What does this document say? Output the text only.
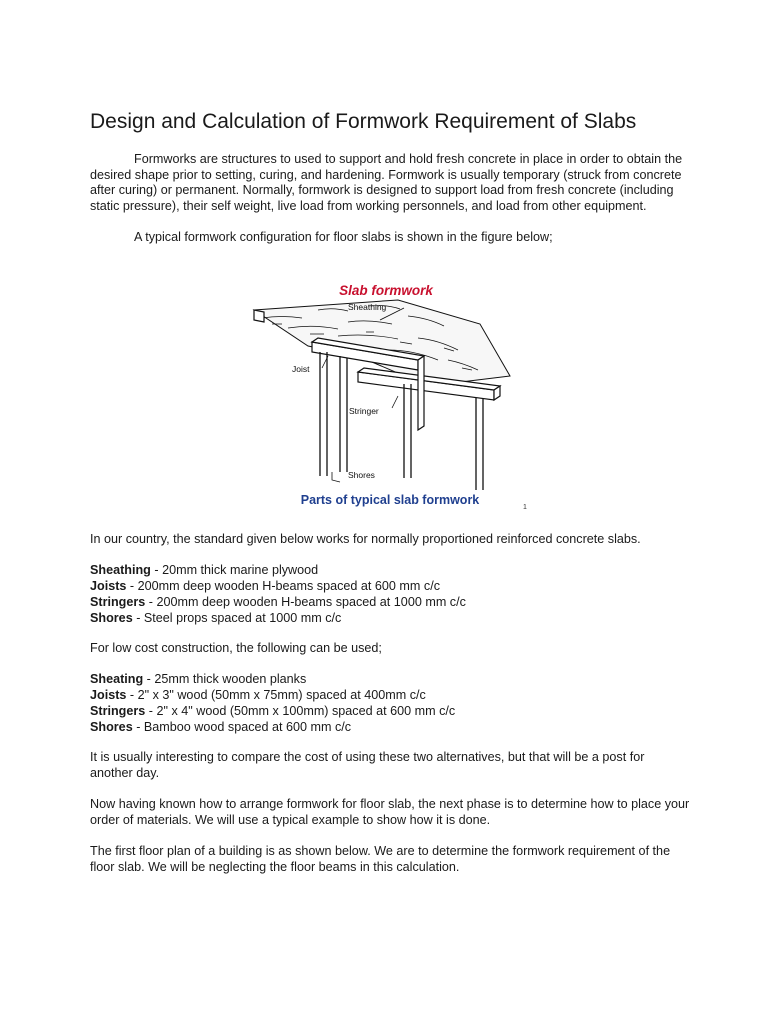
Design and Calculation of Formwork Requirement of Slabs

Formworks are structures to used to support and hold fresh concrete in place in order to obtain the desired shape prior to setting, curing, and hardening. Formwork is usually temporary (struck from concrete after curing) or permanent. Normally, formwork is designed to support load from fresh concrete (including static pressure), their self weight, live load from working personnels, and load from other equipment.

A typical formwork configuration for floor slabs is shown in the figure below;

Slab formwork
Sheathing
Joist
Stringer
Shores
Parts of typical slab formwork
1

In our country, the standard given below works for normally proportioned reinforced concrete slabs.

Sheathing - 20mm thick marine plywood
Joists - 200mm deep wooden H-beams spaced at 600 mm c/c
Stringers - 200mm deep wooden H-beams spaced at 1000 mm c/c
Shores - Steel props spaced at 1000 mm c/c

For low cost construction, the following can be used;

Sheating - 25mm thick wooden planks
Joists - 2" x 3" wood (50mm x 75mm) spaced at 400mm c/c
Stringers - 2" x 4" wood (50mm x 100mm) spaced at 600 mm c/c
Shores - Bamboo wood spaced at 600 mm c/c

It is usually interesting to compare the cost of using these two alternatives, but that will be a post for another day.

Now having known how to arrange formwork for floor slab, the next phase is to determine how to place your order of materials. We will use a typical example to show how it is done.

The first floor plan of a building is as shown below. We are to determine the formwork requirement of the floor slab. We will be neglecting the floor beams in this calculation.
